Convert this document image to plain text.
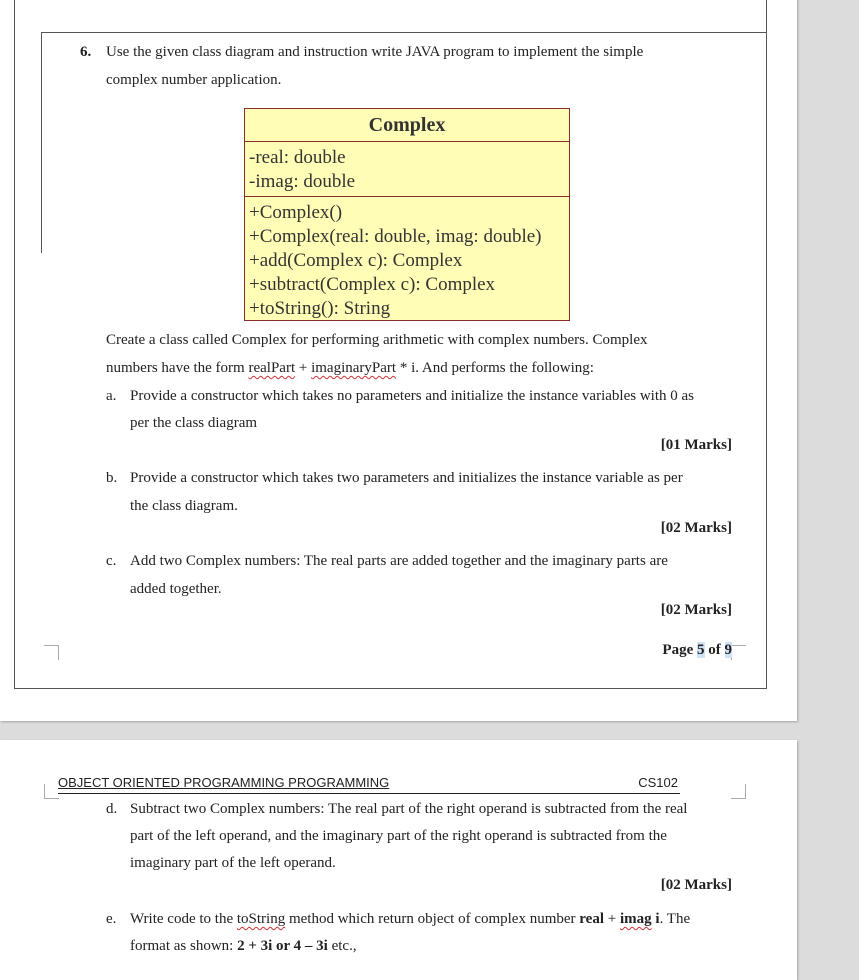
6. Use the given class diagram and instruction write JAVA program to implement the simple
complex number application.
Complex
-real: double
-imag: double
+Complex()
+Complex(real: double, imag: double)
+add(Complex c): Complex
+subtract(Complex c): Complex
+toString(): String
Create a class called Complex for performing arithmetic with complex numbers. Complex
numbers have the form realPart + imaginaryPart * i. And performs the following:
a. Provide a constructor which takes no parameters and initialize the instance variables with 0 as
per the class diagram
[01 Marks]
b. Provide a constructor which takes two parameters and initializes the instance variable as per
the class diagram.
[02 Marks]
c. Add two Complex numbers: The real parts are added together and the imaginary parts are
added together.
[02 Marks]
Page 5 of 9
OBJECT ORIENTED PROGRAMMING PROGRAMMING	CS102
d. Subtract two Complex numbers: The real part of the right operand is subtracted from the real
part of the left operand, and the imaginary part of the right operand is subtracted from the
imaginary part of the left operand.
[02 Marks]
e. Write code to the toString method which return object of complex number real + imag i. The
format as shown: 2 + 3i or 4 – 3i etc.,
